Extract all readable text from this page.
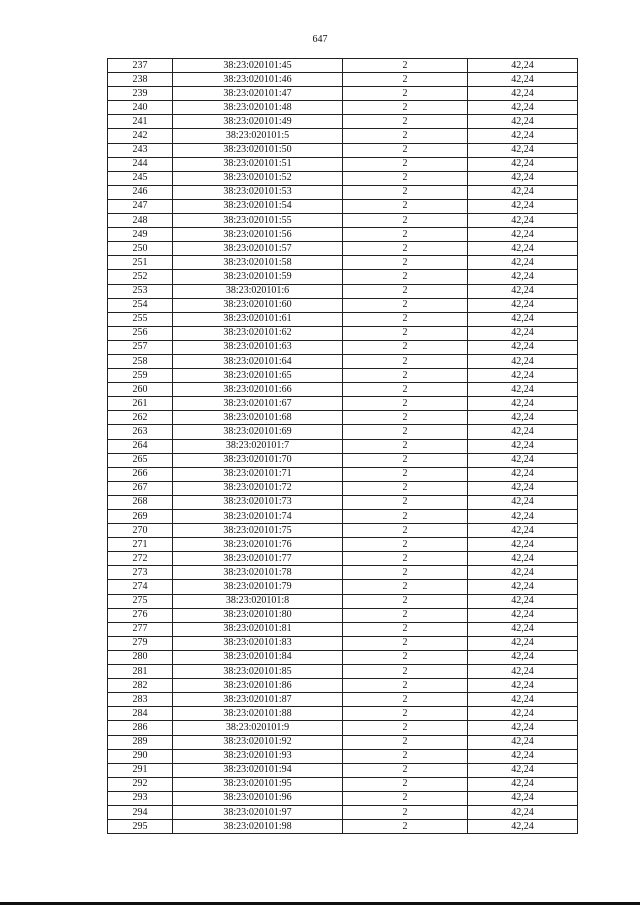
647
237	38:23:020101:45	2	42,24
238	38:23:020101:46	2	42,24
239	38:23:020101:47	2	42,24
240	38:23:020101:48	2	42,24
241	38:23:020101:49	2	42,24
242	38:23:020101:5	2	42,24
243	38:23:020101:50	2	42,24
244	38:23:020101:51	2	42,24
245	38:23:020101:52	2	42,24
246	38:23:020101:53	2	42,24
247	38:23:020101:54	2	42,24
248	38:23:020101:55	2	42,24
249	38:23:020101:56	2	42,24
250	38:23:020101:57	2	42,24
251	38:23:020101:58	2	42,24
252	38:23:020101:59	2	42,24
253	38:23:020101:6	2	42,24
254	38:23:020101:60	2	42,24
255	38:23:020101:61	2	42,24
256	38:23:020101:62	2	42,24
257	38:23:020101:63	2	42,24
258	38:23:020101:64	2	42,24
259	38:23:020101:65	2	42,24
260	38:23:020101:66	2	42,24
261	38:23:020101:67	2	42,24
262	38:23:020101:68	2	42,24
263	38:23:020101:69	2	42,24
264	38:23:020101:7	2	42,24
265	38:23:020101:70	2	42,24
266	38:23:020101:71	2	42,24
267	38:23:020101:72	2	42,24
268	38:23:020101:73	2	42,24
269	38:23:020101:74	2	42,24
270	38:23:020101:75	2	42,24
271	38:23:020101:76	2	42,24
272	38:23:020101:77	2	42,24
273	38:23:020101:78	2	42,24
274	38:23:020101:79	2	42,24
275	38:23:020101:8	2	42,24
276	38:23:020101:80	2	42,24
277	38:23:020101:81	2	42,24
279	38:23:020101:83	2	42,24
280	38:23:020101:84	2	42,24
281	38:23:020101:85	2	42,24
282	38:23:020101:86	2	42,24
283	38:23:020101:87	2	42,24
284	38:23:020101:88	2	42,24
286	38:23:020101:9	2	42,24
289	38:23:020101:92	2	42,24
290	38:23:020101:93	2	42,24
291	38:23:020101:94	2	42,24
292	38:23:020101:95	2	42,24
293	38:23:020101:96	2	42,24
294	38:23:020101:97	2	42,24
295	38:23:020101:98	2	42,24
